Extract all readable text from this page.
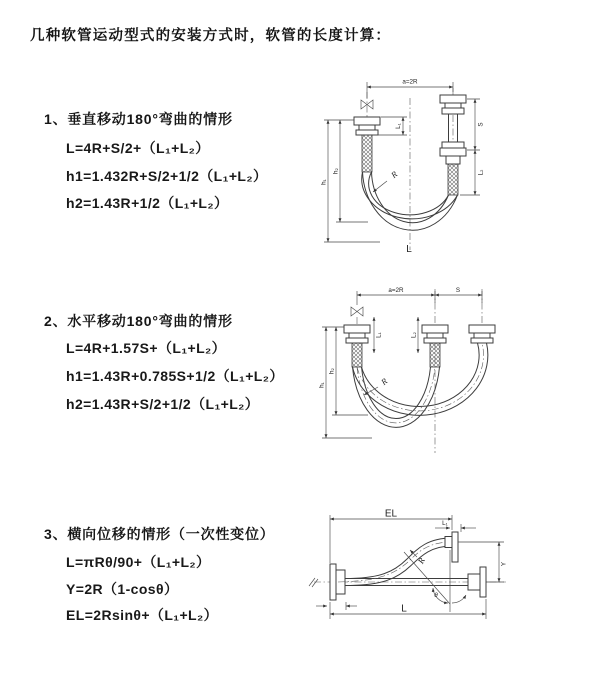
几种软管运动型式的安装方式时，软管的长度计算：
1、垂直移动180°弯曲的情形
L=4R+S/2+（L₁+L₂）
h1=1.432R+S/2+1/2（L₁+L₂）
h2=1.43R+1/2（L₁+L₂）
2、水平移动180°弯曲的情形
L=4R+1.57S+（L₁+L₂）
h1=1.43R+0.785S+1/2（L₁+L₂）
h2=1.43R+S/2+1/2（L₁+L₂）
3、横向位移的情形（一次性变位）
L=πRθ/90+（L₁+L₂）
Y=2R（1-cosθ）
EL=2Rsinθ+（L₁+L₂）
a=2R
L₁	S
L₂
h₂
h₁
R
L
a=2R	S
L₁	L₂
h₂
h₁	R
θ
R
EL
L₁
Y
L
